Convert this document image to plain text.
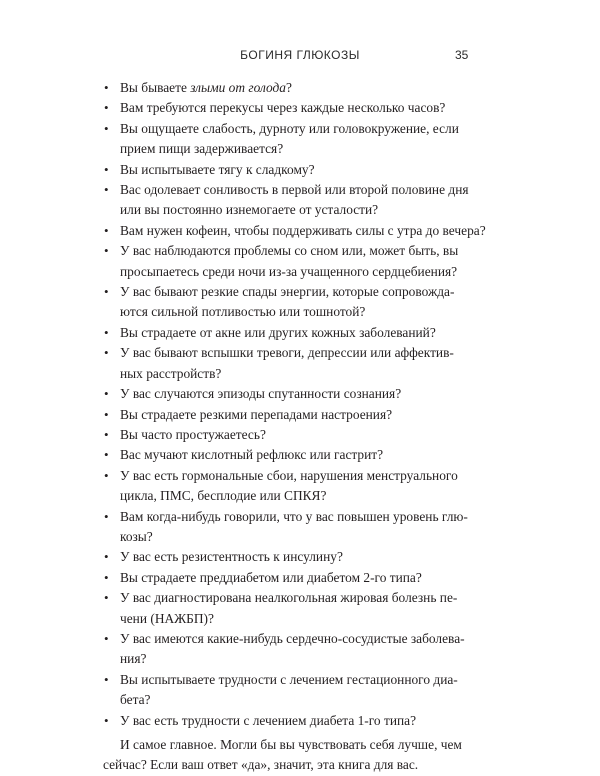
БОГИНЯ ГЛЮКОЗЫ	35
• Вы бываете злыми от голода?
• Вам требуются перекусы через каждые несколько часов?
• Вы ощущаете слабость, дурноту или головокружение, если
прием пищи задерживается?
• Вы испытываете тягу к сладкому?
• Вас одолевает сонливость в первой или второй половине дня
или вы постоянно изнемогаете от усталости?
• Вам нужен кофеин, чтобы поддерживать силы с утра до вечера?
• У вас наблюдаются проблемы со сном или, может быть, вы
просыпаетесь среди ночи из-за учащенного сердцебиения?
• У вас бывают резкие спады энергии, которые сопровожда-
ются сильной потливостью или тошнотой?
• Вы страдаете от акне или других кожных заболеваний?
• У вас бывают вспышки тревоги, депрессии или аффектив-
ных расстройств?
• У вас случаются эпизоды спутанности сознания?
• Вы страдаете резкими перепадами настроения?
• Вы часто простужаетесь?
• Вас мучают кислотный рефлюкс или гастрит?
• У вас есть гормональные сбои, нарушения менструального
цикла, ПМС, бесплодие или СПКЯ?
• Вам когда-нибудь говорили, что у вас повышен уровень глю-
козы?
• У вас есть резистентность к инсулину?
• Вы страдаете преддиабетом или диабетом 2-го типа?
• У вас диагностирована неалкогольная жировая болезнь пе-
чени (НАЖБП)?
• У вас имеются какие-нибудь сердечно-сосудистые заболева-
ния?
• Вы испытываете трудности с лечением гестационного диа-
бета?
• У вас есть трудности с лечением диабета 1-го типа?

И самое главное. Могли бы вы чувствовать себя лучше, чем
сейчас? Если ваш ответ «да», значит, эта книга для вас.
